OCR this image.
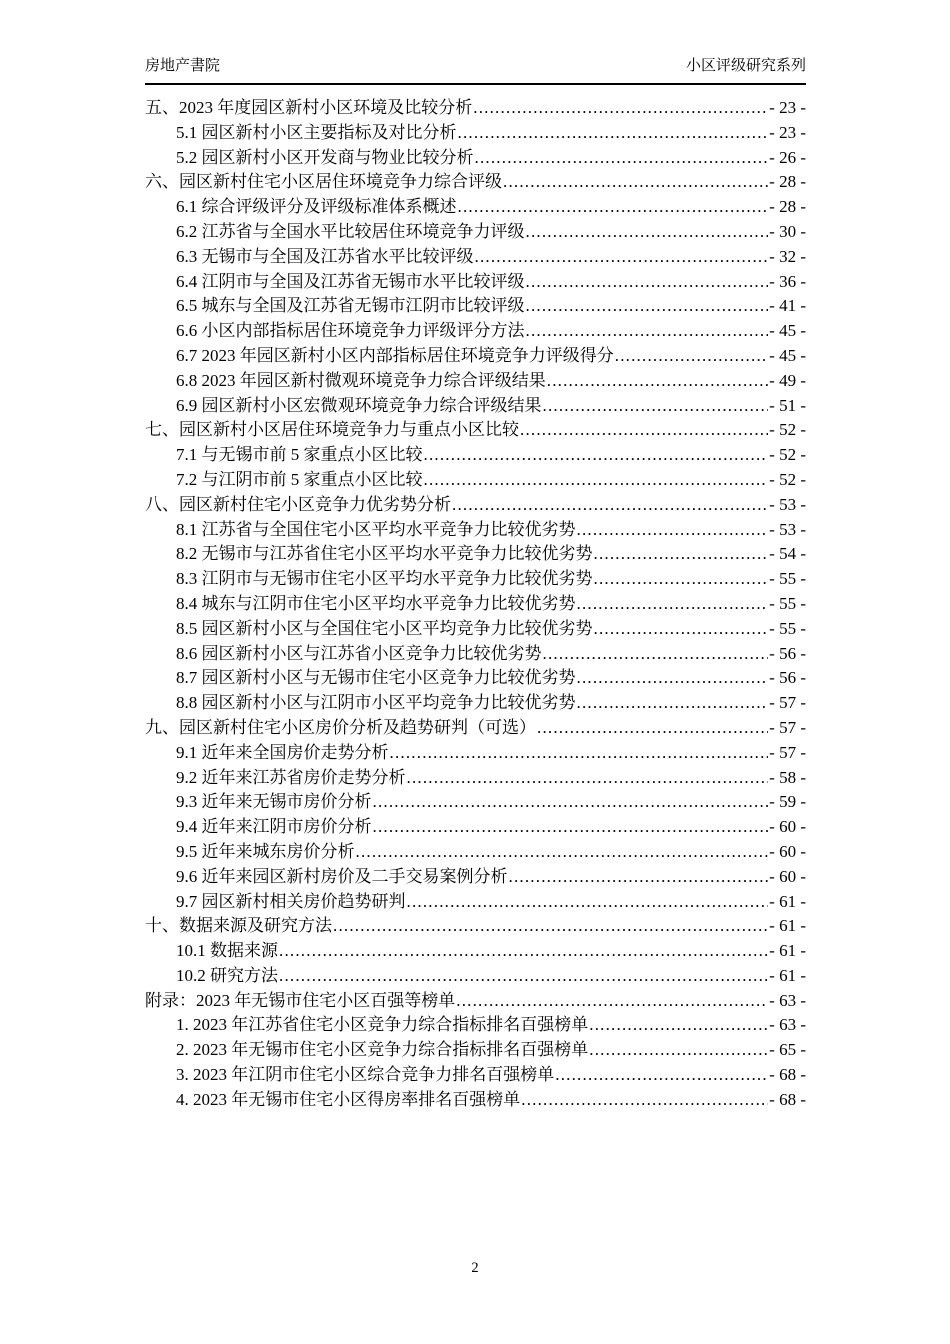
房地产書院	小区评级研究系列
五、2023 年度园区新村小区环境及比较分析 .....	- 23 -
5.1 园区新村小区主要指标及对比分析 .....	- 23 -
5.2 园区新村小区开发商与物业比较分析 .....	- 26 -
六、园区新村住宅小区居住环境竞争力综合评级 .....	- 28 -
6.1 综合评级评分及评级标准体系概述 .....	- 28 -
6.2 江苏省与全国水平比较居住环境竞争力评级 .....	- 30 -
6.3 无锡市与全国及江苏省水平比较评级 .....	- 32 -
6.4 江阴市与全国及江苏省无锡市水平比较评级 .....	- 36 -
6.5 城东与全国及江苏省无锡市江阴市比较评级 .....	- 41 -
6.6 小区内部指标居住环境竞争力评级评分方法 .....	- 45 -
6.7 2023 年园区新村小区内部指标居住环境竞争力评级得分 .....	- 45 -
6.8 2023 年园区新村微观环境竞争力综合评级结果 .....	- 49 -
6.9 园区新村小区宏微观环境竞争力综合评级结果 .....	- 51 -
七、园区新村小区居住环境竞争力与重点小区比较 .....	- 52 -
7.1 与无锡市前 5 家重点小区比较 .....	- 52 -
7.2 与江阴市前 5 家重点小区比较 .....	- 52 -
八、园区新村住宅小区竞争力优劣势分析 .....	- 53 -
8.1 江苏省与全国住宅小区平均水平竞争力比较优劣势 .....	- 53 -
8.2 无锡市与江苏省住宅小区平均水平竞争力比较优劣势 .....	- 54 -
8.3 江阴市与无锡市住宅小区平均水平竞争力比较优劣势 .....	- 55 -
8.4 城东与江阴市住宅小区平均水平竞争力比较优劣势 .....	- 55 -
8.5 园区新村小区与全国住宅小区平均竞争力比较优劣势 .....	- 55 -
8.6 园区新村小区与江苏省小区竞争力比较优劣势 .....	- 56 -
8.7 园区新村小区与无锡市住宅小区竞争力比较优劣势 .....	- 56 -
8.8 园区新村小区与江阴市小区平均竞争力比较优劣势 .....	- 57 -
九、园区新村住宅小区房价分析及趋势研判（可选） .....	- 57 -
9.1 近年来全国房价走势分析 .....	- 57 -
9.2 近年来江苏省房价走势分析 .....	- 58 -
9.3 近年来无锡市房价分析 .....	- 59 -
9.4 近年来江阴市房价分析 .....	- 60 -
9.5 近年来城东房价分析 .....	- 60 -
9.6 近年来园区新村房价及二手交易案例分析 .....	- 60 -
9.7 园区新村相关房价趋势研判 .....	- 61 -
十、数据来源及研究方法 .....	- 61 -
10.1 数据来源 .....	- 61 -
10.2 研究方法 .....	- 61 -
附录：2023 年无锡市住宅小区百强等榜单 .....	- 63 -
1. 2023 年江苏省住宅小区竞争力综合指标排名百强榜单 .....	- 63 -
2. 2023 年无锡市住宅小区竞争力综合指标排名百强榜单 .....	- 65 -
3. 2023 年江阴市住宅小区综合竞争力排名百强榜单 .....	- 68 -
4. 2023 年无锡市住宅小区得房率排名百强榜单 .....	- 68 -
2
